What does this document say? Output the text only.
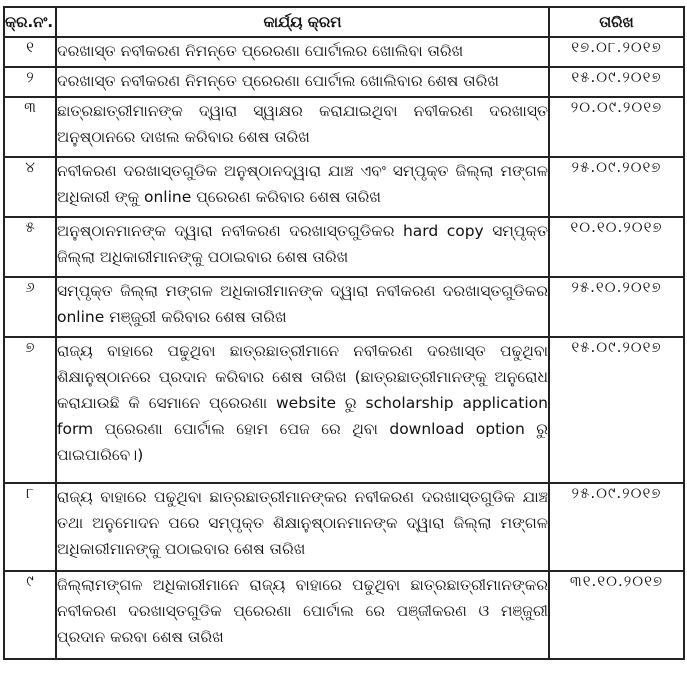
କ୍ର.ନଂ.	କାର୍ଯ୍ୟ କ୍ରମ	ତାରିଖ
୧	ଦରଖାସ୍ତ ନବୀକରଣ ନିମନ୍ତେ ପ୍ରେରଣା ପୋର୍ଟାଲର ଖୋଲିବା ତାରିଖ	୧୭.୦୮.୨୦୧୭
୨	ଦରଖାସ୍ତ ନବୀକରଣ ନିମନ୍ତେ ପ୍ରେରଣା ପୋର୍ଟାଲ ଖୋଲିବାର ଶେଷ ତାରିଖ	୧୫.୦୯.୨୦୧୭
୩	ଛାତ୍ରଛାତ୍ରୀମାନଙ୍କ ଦ୍ୱାରା ସ୍ୱାକ୍ଷର କରାଯାଇଥିବା ନବୀକରଣ ଦରଖାସ୍ତ ଅନୁଷ୍ଠାନରେ ଦାଖଲ କରିବାର ଶେଷ ତାରିଖ	୨୦.୦୯.୨୦୧୭
୪	ନବୀକରଣ ଦରଖାସ୍ତଗୁଡିକ ଅନୁଷ୍ଠାନଦ୍ୱାରା ଯାଞ୍ଚ ଏବଂ ସମ୍ପୃକ୍ତ ଜିଲ୍ଲା ମଙ୍ଗଳ ଅଧିକାରୀ ଙ୍କୁ online ପ୍ରେରଣ କରିବାର ଶେଷ ତାରିଖ	୨୫.୦୯.୨୦୧୭
୫	ଅନୁଷ୍ଠାନମାନଙ୍କ ଦ୍ୱାରା ନବୀକରଣ ଦରଖାସ୍ତଗୁଡିକର hard copy ସମ୍ପୃକ୍ତ ଜିଲ୍ଲା ଅଧିକାରୀମାନଙ୍କୁ ପଠାଇବାର ଶେଷ ତାରିଖ	୧୦.୧୦.୨୦୧୭
୬	ସମ୍ପୃକ୍ତ ଜିଲ୍ଲା ମଙ୍ଗଳ ଅଧିକାରୀମାନଙ୍କ ଦ୍ୱାରା ନବୀକରଣ ଦରଖାସ୍ତଗୁଡିକର online ମଞ୍ଜୁରୀ କରିବାର ଶେଷ ତାରିଖ	୨୫.୧୦.୨୦୧୭
୭	ରାଜ୍ୟ ବାହାରେ ପଢୁଥିବା ଛାତ୍ରଛାତ୍ରୀମାନେ ନବୀକରଣ ଦରଖାସ୍ତ ପଢୁଥିବା ଶିକ୍ଷାନୁଷ୍ଠାନରେ ପ୍ରଦାନ କରିବାର ଶେଷ ତାରିଖ (ଛାତ୍ରଛାତ୍ରୀମାନଙ୍କୁ ଅନୁରୋଧ କରାଯାଉଛି କି ସେମାନେ ପ୍ରେରଣା website ରୁ scholarship application form ପ୍ରେରଣା ପୋର୍ଟାଲ ହୋମ ପେଜ ରେ ଥିବା download option ରୁ ପାଇପାରିବେ।)	୧୫.୦୯.୨୦୧୭
୮	ରାଜ୍ୟ ବାହାରେ ପଢୁଥିବା ଛାତ୍ରଛାତ୍ରୀମାନଙ୍କର ନବୀକରଣ ଦରଖାସ୍ତଗୁଡିକ ଯାଞ୍ଚ ତଥା ଅନୁମୋଦନ ପରେ ସମ୍ପୃକ୍ତ ଶିକ୍ଷାନୁଷ୍ଠାନମାନଙ୍କ ଦ୍ୱାରା ଜିଲ୍ଲା ମଙ୍ଗଳ ଅଧିକାରୀମାନଙ୍କୁ ପଠାଇବାର ଶେଷ ତାରିଖ	୨୫.୦୯.୨୦୧୭
୯	ଜିଲ୍ଲାମଙ୍ଗଳ ଅଧିକାରୀମାନେ ରାଜ୍ୟ ବାହାରେ ପଢୁଥିବା ଛାତ୍ରଛାତ୍ରୀମାନଙ୍କର ନବୀକରଣ ଦରଖାସ୍ତଗୁଡିକ ପ୍ରେରଣା ପୋର୍ଟାଲ ରେ ପଞ୍ଜୀକରଣ ଓ ମଞ୍ଜୁରୀ ପ୍ରଦାନ କରବା ଶେଷ ତାରିଖ	୩୧.୧୦.୨୦୧୭
